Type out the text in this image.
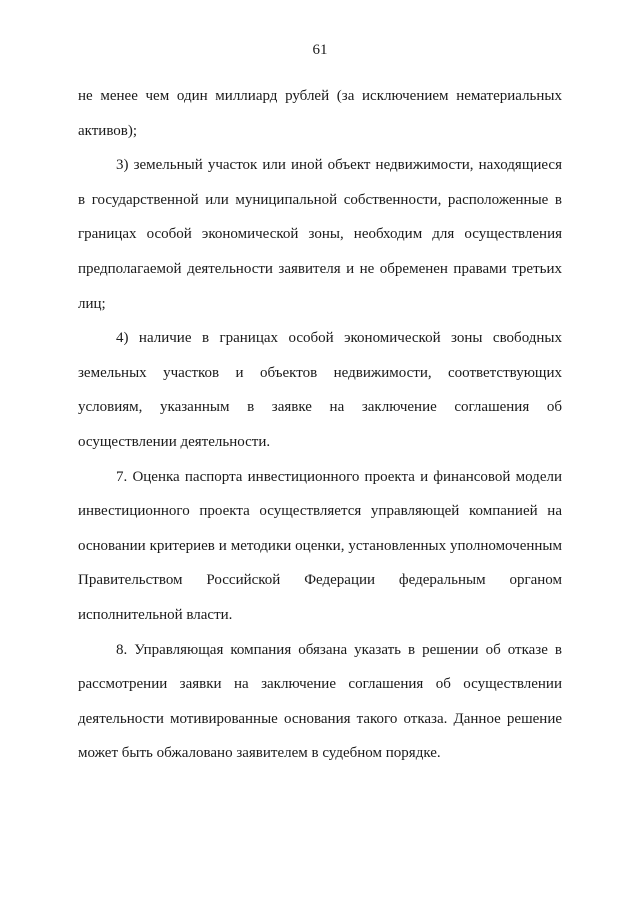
61

не менее чем один миллиард рублей (за исключением нематериальных активов);

3) земельный участок или иной объект недвижимости, находящиеся в государственной или муниципальной собственности, расположенные в границах особой экономической зоны, необходим для осуществления предполагаемой деятельности заявителя и не обременен правами третьих лиц;

4) наличие в границах особой экономической зоны свободных земельных участков и объектов недвижимости, соответствующих условиям, указанным в заявке на заключение соглашения об осуществлении деятельности.

7. Оценка паспорта инвестиционного проекта и финансовой модели инвестиционного проекта осуществляется управляющей компанией на основании критериев и методики оценки, установленных уполномоченным Правительством Российской Федерации федеральным органом исполнительной власти.

8. Управляющая компания обязана указать в решении об отказе в рассмотрении заявки на заключение соглашения об осуществлении деятельности мотивированные основания такого отказа. Данное решение может быть обжаловано заявителем в судебном порядке.
